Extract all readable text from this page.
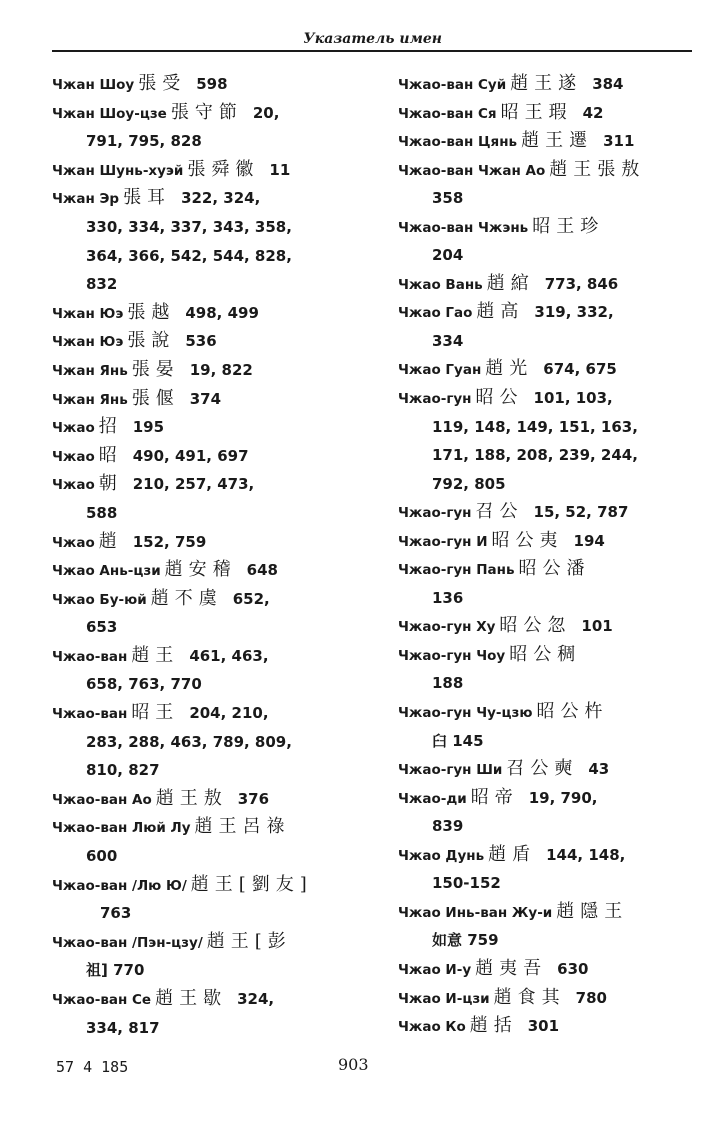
Указатель имен
Чжан Шоу 張受 598
Чжан Шоу-цзе 張守節 20,
791, 795, 828
Чжан Шунь-хуэй 張舜徽 11
Чжан Эр 張耳 322, 324,
330, 334, 337, 343, 358,
364, 366, 542, 544, 828,
832
Чжан Юэ 張越 498, 499
Чжан Юэ 張說 536
Чжан Янь 張晏 19, 822
Чжан Янь 張偃 374
Чжао 招 195
Чжао 昭 490, 491, 697
Чжао 朝 210, 257, 473,
588
Чжао 趙 152, 759
Чжао Ань-цзи 趙安稽 648
Чжао Бу-юй 趙不虞 652,
653
Чжао-ван 趙王 461, 463,
658, 763, 770
Чжао-ван 昭王 204, 210,
283, 288, 463, 789, 809,
810, 827
Чжао-ван Ао 趙王敖 376
Чжао-ван Люй Лу 趙王呂祿
600
Чжао-ван /Лю Ю/ 趙王[劉友]
763
Чжао-ван /Пэн-цзу/ 趙王[彭
祖] 770
Чжао-ван Се 趙王歇 324,
334, 817
Чжао-ван Суй 趙王遂 384
Чжао-ван Ся 昭王瑕 42
Чжао-ван Цянь 趙王遷 311
Чжао-ван Чжан Ао 趙王張敖
358
Чжао-ван Чжэнь 昭王珍
204
Чжао Вань 趙綰 773, 846
Чжао Гао 趙高 319, 332,
334
Чжао Гуан 趙光 674, 675
Чжао-гун 昭公 101, 103,
119, 148, 149, 151, 163,
171, 188, 208, 239, 244,
792, 805
Чжао-гун 召公 15, 52, 787
Чжао-гун И 昭公夷 194
Чжао-гун Пань 昭公潘
136
Чжао-гун Ху 昭公忽 101
Чжао-гун Чоу 昭公稠
188
Чжао-гун Чу-цзю 昭公杵
臼 145
Чжао-гун Ши 召公奭 43
Чжао-ди 昭帝 19, 790,
839
Чжао Дунь 趙盾 144, 148,
150-152
Чжао Инь-ван Жу-и 趙隱王
如意 759
Чжао И-у 趙夷吾 630
Чжао И-цзи 趙食其 780
Чжао Ко 趙括 301
57 4 185	903
